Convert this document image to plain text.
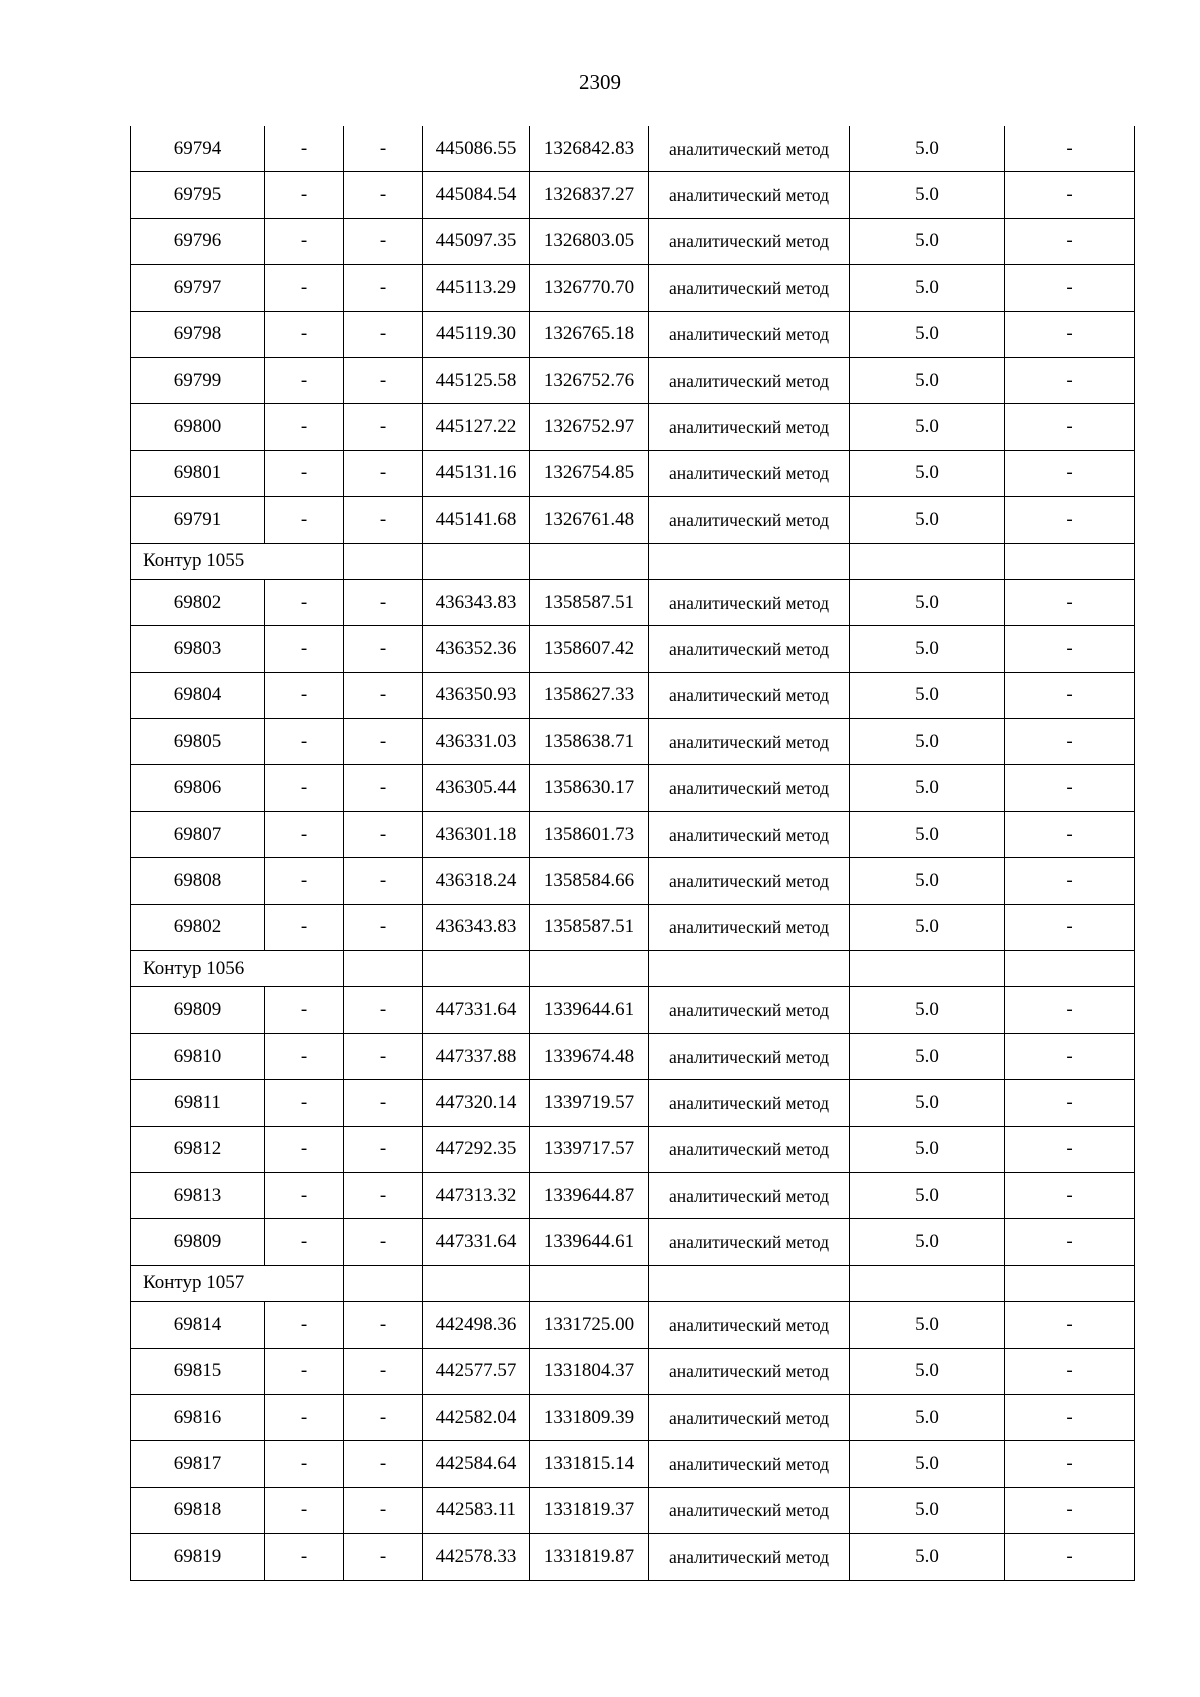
2309
69794	-	-	445086.55	1326842.83	аналитический метод	5.0	-
69795	-	-	445084.54	1326837.27	аналитический метод	5.0	-
69796	-	-	445097.35	1326803.05	аналитический метод	5.0	-
69797	-	-	445113.29	1326770.70	аналитический метод	5.0	-
69798	-	-	445119.30	1326765.18	аналитический метод	5.0	-
69799	-	-	445125.58	1326752.76	аналитический метод	5.0	-
69800	-	-	445127.22	1326752.97	аналитический метод	5.0	-
69801	-	-	445131.16	1326754.85	аналитический метод	5.0	-
69791	-	-	445141.68	1326761.48	аналитический метод	5.0	-
Контур 1055							
69802	-	-	436343.83	1358587.51	аналитический метод	5.0	-
69803	-	-	436352.36	1358607.42	аналитический метод	5.0	-
69804	-	-	436350.93	1358627.33	аналитический метод	5.0	-
69805	-	-	436331.03	1358638.71	аналитический метод	5.0	-
69806	-	-	436305.44	1358630.17	аналитический метод	5.0	-
69807	-	-	436301.18	1358601.73	аналитический метод	5.0	-
69808	-	-	436318.24	1358584.66	аналитический метод	5.0	-
69802	-	-	436343.83	1358587.51	аналитический метод	5.0	-
Контур 1056							
69809	-	-	447331.64	1339644.61	аналитический метод	5.0	-
69810	-	-	447337.88	1339674.48	аналитический метод	5.0	-
69811	-	-	447320.14	1339719.57	аналитический метод	5.0	-
69812	-	-	447292.35	1339717.57	аналитический метод	5.0	-
69813	-	-	447313.32	1339644.87	аналитический метод	5.0	-
69809	-	-	447331.64	1339644.61	аналитический метод	5.0	-
Контур 1057							
69814	-	-	442498.36	1331725.00	аналитический метод	5.0	-
69815	-	-	442577.57	1331804.37	аналитический метод	5.0	-
69816	-	-	442582.04	1331809.39	аналитический метод	5.0	-
69817	-	-	442584.64	1331815.14	аналитический метод	5.0	-
69818	-	-	442583.11	1331819.37	аналитический метод	5.0	-
69819	-	-	442578.33	1331819.87	аналитический метод	5.0	-
